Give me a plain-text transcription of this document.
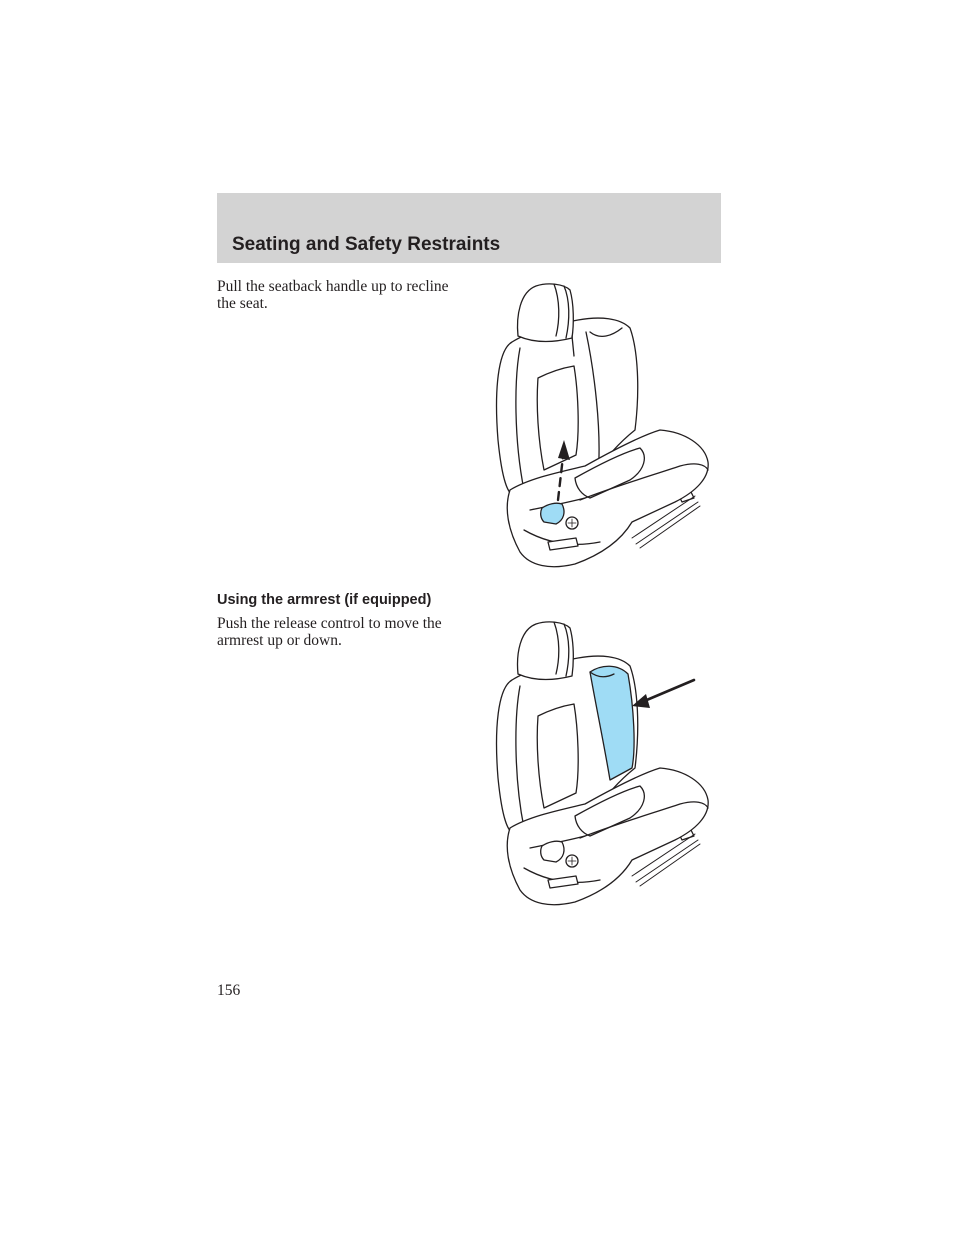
Seating and Safety Restraints

Pull the seatback handle up to recline the seat.

Using the armrest (if equipped)

Push the release control to move the armrest up or down.

156
